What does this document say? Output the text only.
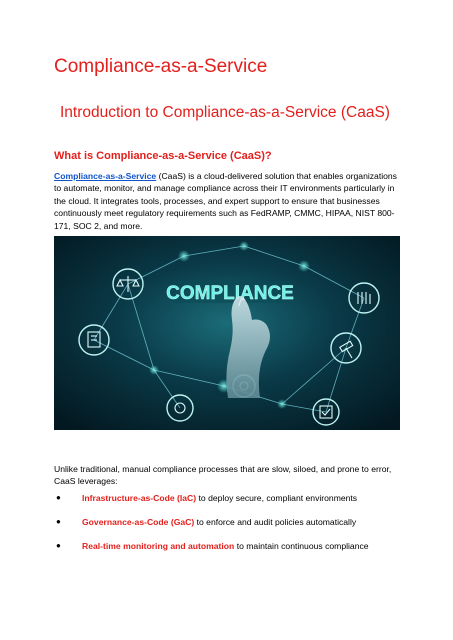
Compliance-as-a-Service
Introduction to Compliance-as-a-Service (CaaS)
What is Compliance-as-a-Service (CaaS)?

Compliance-as-a-Service (CaaS) is a cloud-delivered solution that enables organizations to automate, monitor, and manage compliance across their IT environments particularly in the cloud. It integrates tools, processes, and expert support to ensure that businesses continuously meet regulatory requirements such as FedRAMP, CMMC, HIPAA, NIST 800-171, SOC 2, and more.

COMPLIANCE

Unlike traditional, manual compliance processes that are slow, siloed, and prone to error, CaaS leverages:

● Infrastructure-as-Code (IaC) to deploy secure, compliant environments
● Governance-as-Code (GaC) to enforce and audit policies automatically
● Real-time monitoring and automation to maintain continuous compliance
